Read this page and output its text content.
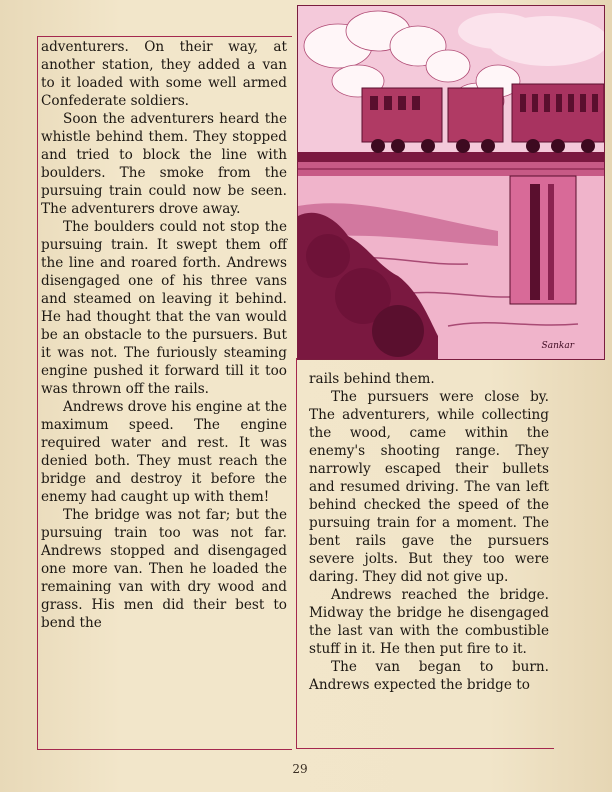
adventurers. On their way, at another station, they added a van to it loaded with some well armed Confederate soldiers.

Soon the adventurers heard the whistle behind them. They stopped and tried to block the line with boulders. The smoke from the pursuing train could now be seen. The adventurers drove away.

The boulders could not stop the pursuing train. It swept them off the line and roared forth. Andrews disengaged one of his three vans and steamed on leaving it behind. He had thought that the van would be an obstacle to the pursuers. But it was not. The furiously steaming engine pushed it forward till it too was thrown off the rails.

Andrews drove his engine at the maximum speed. The engine required water and rest. It was denied both. They must reach the bridge and destroy it before the enemy had caught up with them!

The bridge was not far; but the pursuing train too was not far. Andrews stopped and disengaged one more van. Then he loaded the remaining van with dry wood and grass. His men did their best to bend the

Sankar

rails behind them.

The pursuers were close by. The adventurers, while collecting the wood, came within the enemy's shooting range. They narrowly escaped their bullets and resumed driving. The van left behind checked the speed of the pursuing train for a moment. The bent rails gave the pursuers severe jolts. But they too were daring. They did not give up.

Andrews reached the bridge. Midway the bridge he disengaged the last van with the combustible stuff in it. He then put fire to it.

The van began to burn. Andrews expected the bridge to

29
